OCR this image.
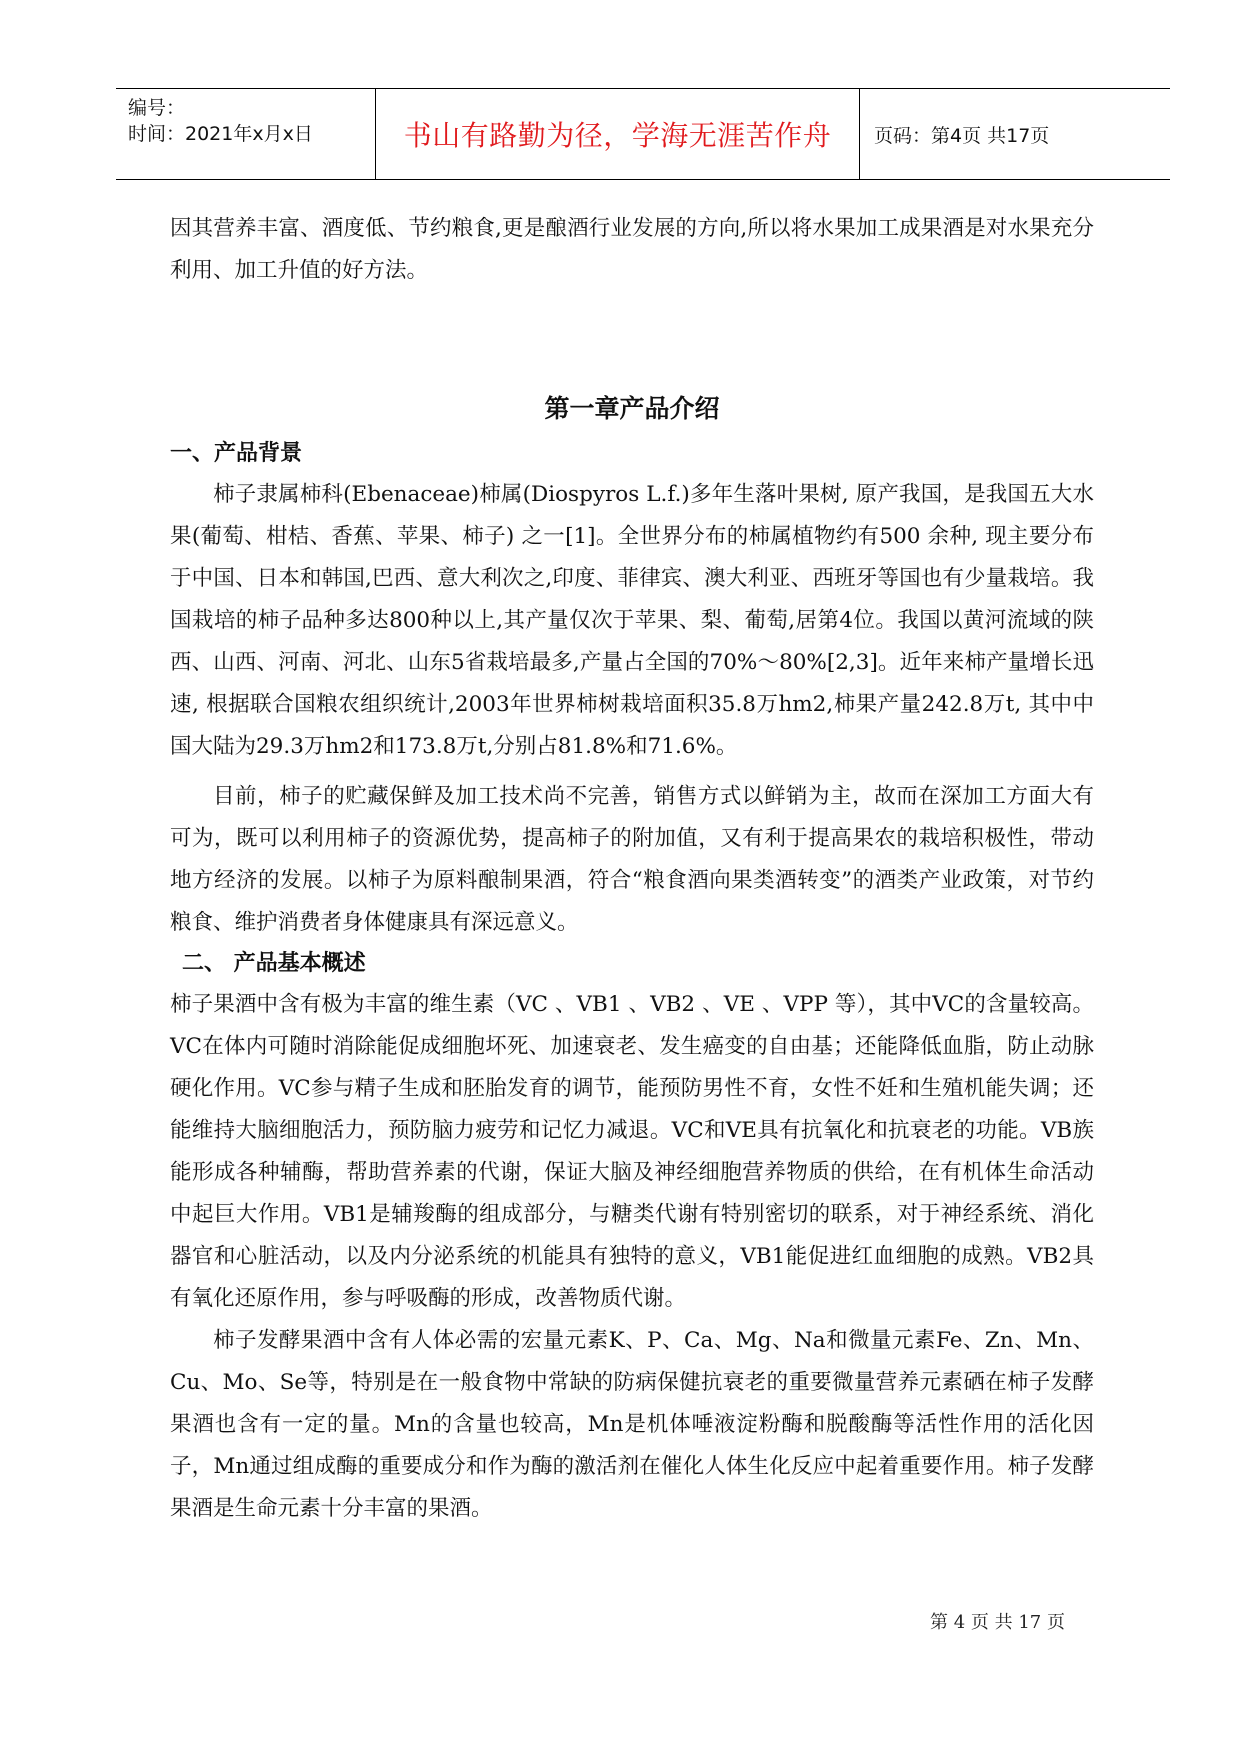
编号：
时间：2021年x月x日	书山有路勤为径，学海无涯苦作舟	页码：第4页 共17页

因其营养丰富、酒度低、节约粮食,更是酿酒行业发展的方向,所以将水果加工成果酒是对水果充分利用、加工升值的好方法。

第一章产品介绍
一、产品背景

柿子隶属柿科(Ebenaceae)柿属(Diospyros L.f.)多年生落叶果树, 原产我国，是我国五大水果(葡萄、柑桔、香蕉、苹果、柿子) 之一[1]。全世界分布的柿属植物约有500 余种, 现主要分布于中国、日本和韩国,巴西、意大利次之,印度、菲律宾、澳大利亚、西班牙等国也有少量栽培。我国栽培的柿子品种多达800种以上,其产量仅次于苹果、梨、葡萄,居第4位。我国以黄河流域的陕西、山西、河南、河北、山东5省栽培最多,产量占全国的70%～80%[2,3]。近年来柿产量增长迅速, 根据联合国粮农组织统计,2003年世界柿树栽培面积35.8万hm2,柿果产量242.8万t, 其中中国大陆为29.3万hm2和173.8万t,分别占81.8%和71.6%。

目前，柿子的贮藏保鲜及加工技术尚不完善，销售方式以鲜销为主，故而在深加工方面大有可为，既可以利用柿子的资源优势，提高柿子的附加值，又有利于提高果农的栽培积极性，带动地方经济的发展。以柿子为原料酿制果酒，符合“粮食酒向果类酒转变”的酒类产业政策，对节约粮食、维护消费者身体健康具有深远意义。

二、 产品基本概述

柿子果酒中含有极为丰富的维生素（VC 、VB1 、VB2 、VE 、VPP 等），其中VC的含量较高。VC在体内可随时消除能促成细胞坏死、加速衰老、发生癌变的自由基；还能降低血脂，防止动脉硬化作用。VC参与精子生成和胚胎发育的调节，能预防男性不育，女性不妊和生殖机能失调；还能维持大脑细胞活力，预防脑力疲劳和记忆力减退。VC和VE具有抗氧化和抗衰老的功能。VB族能形成各种辅酶，帮助营养素的代谢，保证大脑及神经细胞营养物质的供给，在有机体生命活动中起巨大作用。VB1是辅羧酶的组成部分，与糖类代谢有特别密切的联系，对于神经系统、消化器官和心脏活动，以及内分泌系统的机能具有独特的意义，VB1能促进红血细胞的成熟。VB2具有氧化还原作用，参与呼吸酶的形成，改善物质代谢。

柿子发酵果酒中含有人体必需的宏量元素K、P、Ca、Mg、Na和微量元素Fe、Zn、Mn、Cu、Mo、Se等，特别是在一般食物中常缺的防病保健抗衰老的重要微量营养元素硒在柿子发酵果酒也含有一定的量。Mn的含量也较高，Mn是机体唾液淀粉酶和脱酸酶等活性作用的活化因子，Mn通过组成酶的重要成分和作为酶的激活剂在催化人体生化反应中起着重要作用。柿子发酵果酒是生命元素十分丰富的果酒。

第 4 页 共 17 页
